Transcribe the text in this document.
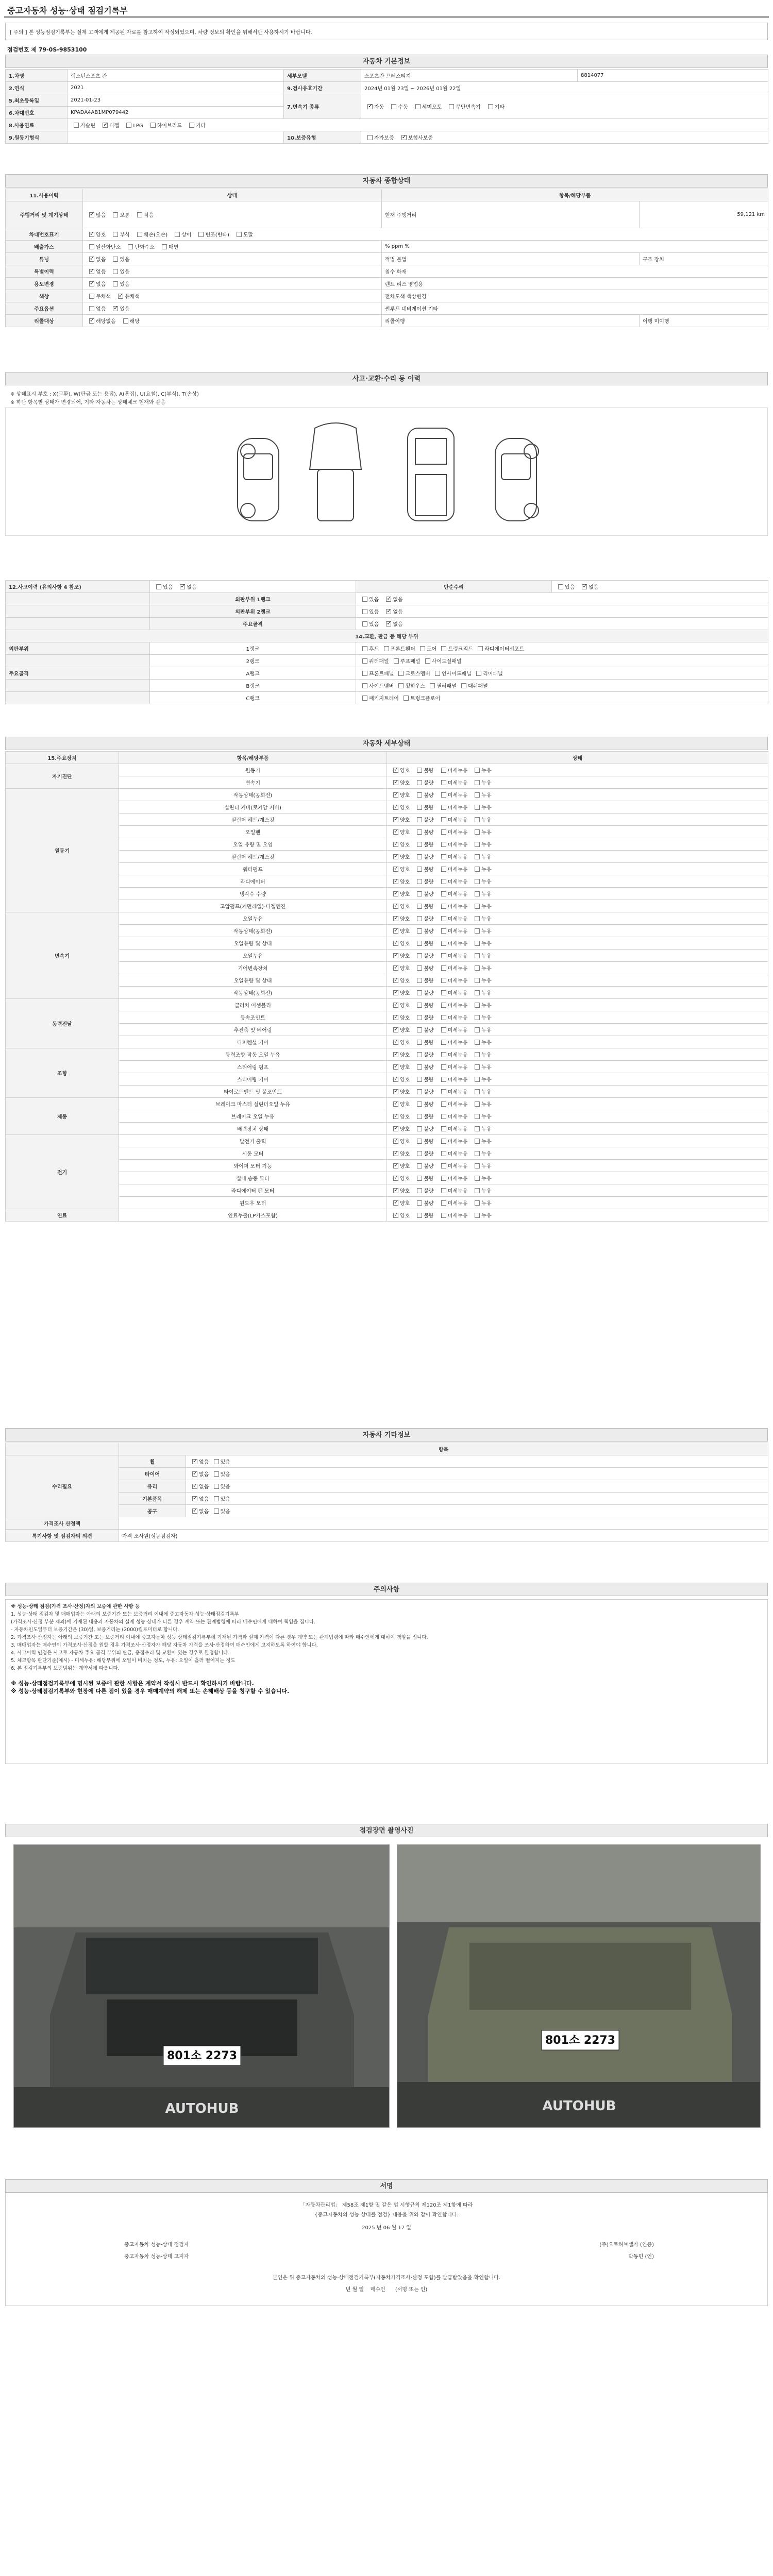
중고자동차 성능·상태 점검기록부
[ 주의 ] 본 성능점검기록부는 실제 고객에게 제공된 자료를 참고하여 작성되었으며, 차량 정보의 확인을 위해서만 사용하시기 바랍니다.
점검번호 제 79-0S-9853100
자동차 기본정보
1.차명	렉스턴스포츠 칸	세부모델	스포츠칸 프레스티지	8814077
2.연식	2021	9.검사유효기간	2024년 01월 23일 ~ 2026년 01월 22일	
5.최초등록일	2021-01-23	7.변속기 종류	✓자동 수동 세미오토 무단변속기 기타
6.차대번호	KPADA4AB1MP079442			
8.사용연료	가솔린 ✓ 디젤 LPG 하이브리드 기타
9.원동기형식		10.보증유형	자가보증 ✓ 보험사보증
자동차 종합상태
11.사용이력	상태	항목/해당부품	
주행거리 및 계기상태	✓많음 보통 적음	현재 주행거리	59,121 km
차대번호표기	✓양호 부식 훼손(오손) 상이 변조(변타) 도말
배출가스	일산화탄소 탄화수소 매연	% ppm %	
튜닝	✓없음 있음	적법 불법	구조 장치
특별이력	✓없음 있음	침수 화재	
용도변경	✓없음 있음	렌트 리스 영업용	
색상	무채색 ✓ 유채색	전체도색 색상변경	
주요옵션	없음 ✓ 있음	썬루프 네비게이션 기타	
리콜대상	✓해당없음 해당	리콜이행	이행 미이행
사고·교환·수리 등 이력
※ 상태표시 부호 : X(교환), W(판금 또는 용접), A(흠집), U(요철), C(부식), T(손상)
※ 하단 항목별 상태가 변경되어, 기타 자동차는 상태체크 현재와 같음
12.사고이력 (유의사항 4 참조)	있음 ✓ 없음	단순수리	있음 ✓ 없음
	외판부위 1랭크	있음 ✓ 없음
	외판부위 2랭크	있음 ✓ 없음
	주요골격	있음 ✓ 없음
14.교환, 판금 등 해당 부위			
외판부위	1랭크	후드 프론트휀더 도어 트렁크리드 라디에이터서포트	
	2랭크	쿼터패널 루프패널 사이드실패널	
주요골격	A랭크	프론트패널 크로스멤버 인사이드패널 리어패널	
	B랭크	사이드멤버 휠하우스 필러패널 대쉬패널	
	C랭크	패키지트레이 트렁크플로어	
자동차 세부상태
15.주요장치	항목/해당부품	상태
자기진단	원동기	✓양호 불량 미세누유 누유
	변속기	✓양호 불량 미세누유 누유
원동기	작동상태(공회전)	✓양호 불량 미세누유 누유
	실린더 커버(로커암 커버)	✓양호 불량 미세누유 누유
	실린더 헤드/개스킷	✓양호 불량 미세누유 누유
	오일팬	✓양호 불량 미세누유 누유
	오일 유량 및 오염	✓양호 불량 미세누유 누유
	실린더 헤드/개스킷	✓양호 불량 미세누유 누유
	워터펌프	✓양호 불량 미세누유 누유
	라디에이터	✓양호 불량 미세누유 누유
	냉각수 수량	✓양호 불량 미세누유 누유
	고압펌프(커먼레일)-디젤엔진	✓양호 불량 미세누유 누유
변속기	오일누유	✓양호 불량 미세누유 누유
	작동상태(공회전)	✓양호 불량 미세누유 누유
	오일유량 및 상태	✓양호 불량 미세누유 누유
	오일누유	✓양호 불량 미세누유 누유
	기어변속장치	✓양호 불량 미세누유 누유
	오일유량 및 상태	✓양호 불량 미세누유 누유
	작동상태(공회전)	✓양호 불량 미세누유 누유
동력전달	클러치 어셈블리	✓양호 불량 미세누유 누유
	등속조인트	✓양호 불량 미세누유 누유
	추진축 및 베어링	✓양호 불량 미세누유 누유
	디퍼렌셜 기어	✓양호 불량 미세누유 누유
조향	동력조향 작동 오일 누유	✓양호 불량 미세누유 누유
	스티어링 펌프	✓양호 불량 미세누유 누유
	스티어링 기어	✓양호 불량 미세누유 누유
	타이로드엔드 및 볼조인트	✓양호 불량 미세누유 누유
제동	브레이크 마스터 실린더오일 누유	✓양호 불량 미세누유 누유
	브레이크 오일 누유	✓양호 불량 미세누유 누유
	배력장치 상태	✓양호 불량 미세누유 누유
전기	발전기 출력	✓양호 불량 미세누유 누유
	시동 모터	✓양호 불량 미세누유 누유
	와이퍼 모터 기능	✓양호 불량 미세누유 누유
	실내 송풍 모터	✓양호 불량 미세누유 누유
	라디에이터 팬 모터	✓양호 불량 미세누유 누유
	윈도우 모터	✓양호 불량 미세누유 누유
연료	연료누출(LP가스포함)	✓양호 불량 미세누유 누유
자동차 기타정보
	항목	
수리필요	휠	✓없음 있음
	타이어	✓없음 있음
	유리	✓없음 있음
	기본품목	✓없음 있음
	공구	✓없음 있음
가격조사 산정액		
특기사항 및 점검자의 의견	가격 조사원(성능점검자)	
주의사항
※ 성능·상태 점검(가격 조사·산정)자의 보증에 관한 사항 등
1. 성능·상태 점검자 및 매매업자는 아래의 보증기간 또는 보증거리 이내에 중고자동차 성능·상태점검기록부
(가격조사·산정 부분 제외)에 기재된 내용과 자동차의 실제 성능·상태가 다른 경우 계약 또는 관계법령에 따라 매수인에게 대하여 책임을 집니다.
- 자동차인도일부터 보증기간은 (30)일, 보증거리는 (2000)킬로미터로 합니다.
2. 가격조사·산정자는 아래의 보증기간 또는 보증거리 이내에 중고자동차 성능·상태점검기록부에 기재된 가격과 실제 가격이 다른 경우 계약 또는 관계법령에 따라 매수인에게 대하여 책임을 집니다.
3. 매매업자는 매수인이 가격조사·산정을 원할 경우 가격조사·산정자가 해당 자동차 가격을 조사·산정하여 매수인에게 고지하도록 하여야 합니다.
4. 사고이력 인정은 사고로 자동차 주요 골격 부위의 판금, 용접수리 및 교환이 있는 경우로 한정합니다.
5. 체크항목 판단기준(예시) - 미세누유: 해당부위에 오일이 비치는 정도, 누유: 오일이 흘러 떨어지는 정도
6. 본 점검기록부의 보증범위는 계약서에 따릅니다.
※ 성능·상태점검기록부에 명시된 보증에 관한 사항은 계약서 작성시 반드시 확인하시기 바랍니다.
※ 성능·상태점검기록부와 현장에 다른 점이 있을 경우 매매계약의 해제 또는 손해배상 등을 청구할 수 있습니다.
점검장면 촬영사진
801소 2273
AUTOHUB
801소 2273
AUTOHUB
서명
「자동차관리법」 제58조 제1항 및 같은 법 시행규칙 제120조 제1항에 따라
{중고자동차의 성능·상태를 점검} 내용을 위와 같이 확인합니다.
2025 년 06 월 17 일
중고자동차 성능·상태 점검자	(주)오토허브셀카 (인증)
중고자동차 성능·상태 고지자	박동민 (인)
본인은 위 중고자동차의 성능·상태점검기록부(자동차가격조사·산정 포함)를 발급받았음을 확인합니다.
년 월 일 매수인 (서명 또는 인)
